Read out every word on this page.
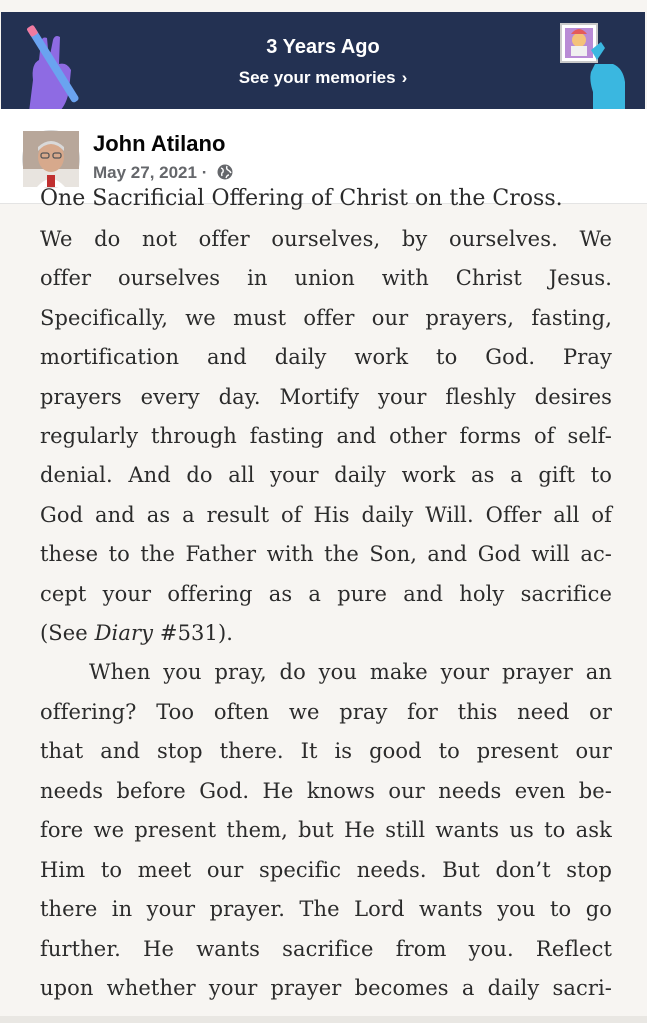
3 Years Ago
See your memories ›
John Atilano
May 27, 2021 ·
One Sacrificial Offering of Christ on the Cross.
We do not offer ourselves, by ourselves. We
offer ourselves in union with Christ Jesus.
Specifically, we must offer our prayers, fasting,
mortification and daily work to God. Pray
prayers every day. Mortify your fleshly desires
regularly through fasting and other forms of self-
denial. And do all your daily work as a gift to
God and as a result of His daily Will. Offer all of
these to the Father with the Son, and God will ac-
cept your offering as a pure and holy sacrifice
(See Diary #531).
When you pray, do you make your prayer an
offering? Too often we pray for this need or
that and stop there. It is good to present our
needs before God. He knows our needs even be-
fore we present them, but He still wants us to ask
Him to meet our specific needs. But don’t stop
there in your prayer. The Lord wants you to go
further. He wants sacrifice from you. Reflect
upon whether your prayer becomes a daily sacri-
